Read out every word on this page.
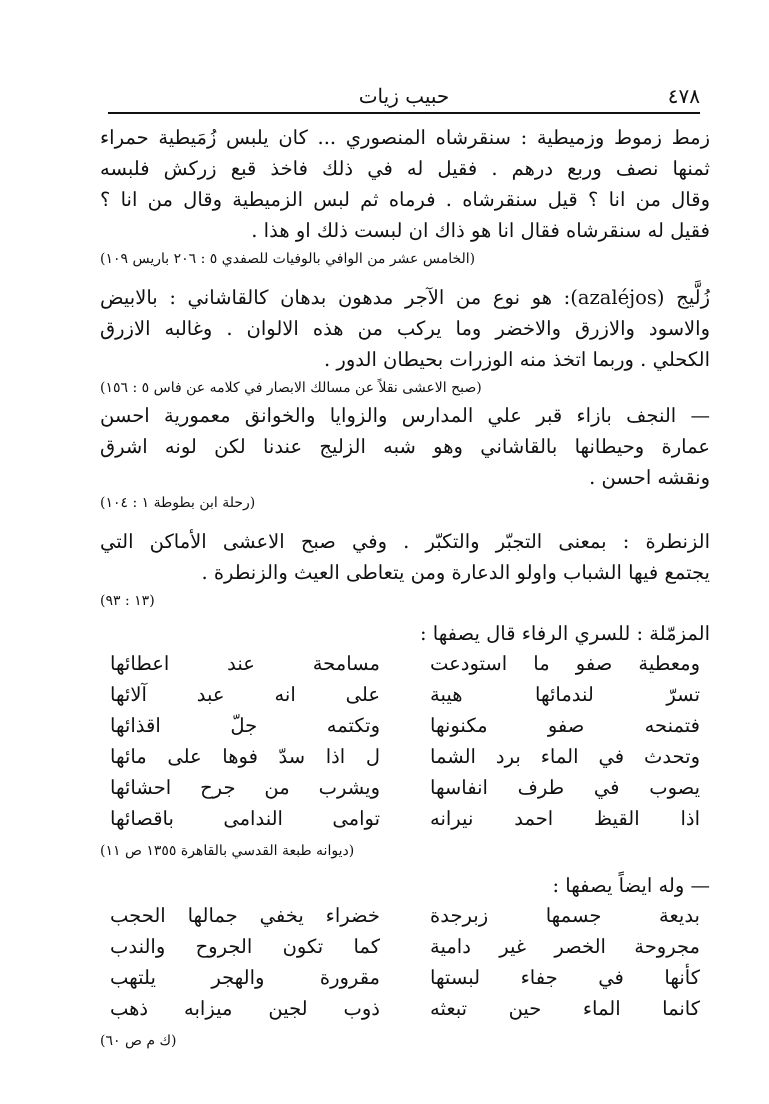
٤٧٨
حبيب زيات
زمط زموط وزميطية : سنقرشاه المنصوري ... كان يلبس زُمَيطية حمراء
ثمنها نصف وربع درهم . فقيل له في ذلك فاخذ قبع زركش فلبسه
وقال من انا ؟ قيل سنقرشاه . فرماه ثم لبس الزميطية وقال من انا ؟
فقيل له سنقرشاه فقال انا هو ذاك ان لبست ذلك او هذا .
(الخامس عشر من الوافي بالوفيات للصفدي ٥ : ٢٠٦ باريس ١٠٩)
زُلَّيج (azaléjos): هو نوع من الآجر مدهون بدهان كالقاشاني : بالابيض
والاسود والازرق والاخضر وما يركب من هذه الالوان . وغالبه الازرق
الكحلي . وربما اتخذ منه الوزرات بحيطان الدور .
(صبح الاعشى نقلاً عن مسالك الابصار في كلامه عن فاس ٥ : ١٥٦)
— النجف بازاء قبر علي المدارس والزوايا والخوانق معمورية احسن
عمارة وحيطانها بالقاشاني وهو شبه الزليج عندنا لكن لونه اشرق
ونقشه احسن .
(رحلة ابن بطوطة ١ : ١٠٤)
الزنطرة : بمعنى التجبّر والتكبّر . وفي صبح الاعشى الأماكن التي
يجتمع فيها الشباب واولو الدعارة ومن يتعاطى العيث والزنطرة .
(١٣ : ٩٣)
المزمّلة : للسري الرفاء قال يصفها :
ومعطية صفو ما استودعت
مسامحة عند اعطائها
تسرّ لندمائها هيبة
على انه عبد آلائها
فتمنحه صفو مكنونها
وتكتمه جلّ اقذائها
وتحدث في الماء برد الشما
ل اذا سدّ فوها على مائها
يصوب في طرف انفاسها
ويشرب من جرح احشائها
اذا القيظ احمد نيرانه
توامى الندامى باقصائها
(ديوانه طبعة القدسي بالقاهرة ١٣٥٥ ص ١١)
— وله ايضاً يصفها :
بديعة جسمها زبرجدة
خضراء يخفي جمالها الحجب
مجروحة الخصر غير دامية
كما تكون الجروح والندب
كأنها في جفاء لبستها
مقرورة والهجر يلتهب
كانما الماء حين تبعثه
ذوب لجين ميزابه ذهب
(ك م ص ٦٠)
